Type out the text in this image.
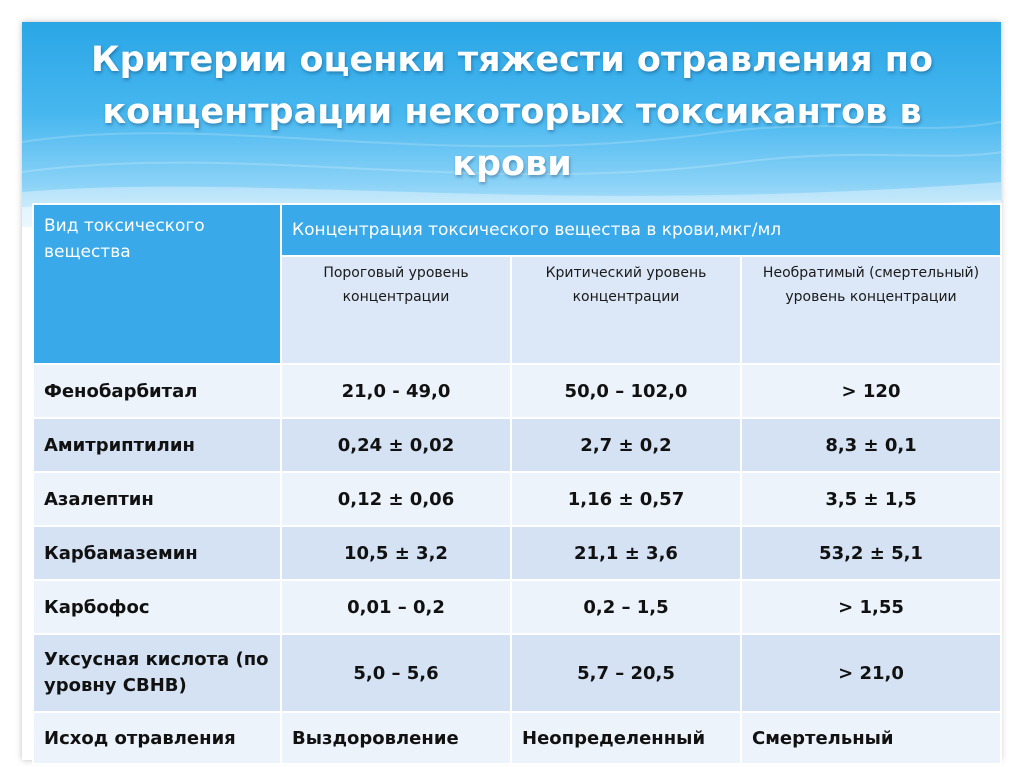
Критерии оценки тяжести отравления по концентрации некоторых токсикантов в крови
Вид токсического вещества	Концентрация токсического вещества в крови,мкг/мл		
	Пороговый уровень концентрации	Критический уровень концентрации	Необратимый (смертельный) уровень концентрации
Фенобарбитал	21,0 - 49,0	50,0 – 102,0	> 120
Амитриптилин	0,24 ± 0,02	2,7 ± 0,2	8,3 ± 0,1
Азалептин	0,12 ± 0,06	1,16 ± 0,57	3,5 ± 1,5
Карбамаземин	10,5 ± 3,2	21,1 ± 3,6	53,2 ± 5,1
Карбофос	0,01 – 0,2	0,2 – 1,5	> 1,55
Уксусная кислота (по уровну СВНВ)	5,0 – 5,6	5,7 – 20,5	> 21,0
Исход отравления	Выздоровление	Неопределенный	Смертельный
